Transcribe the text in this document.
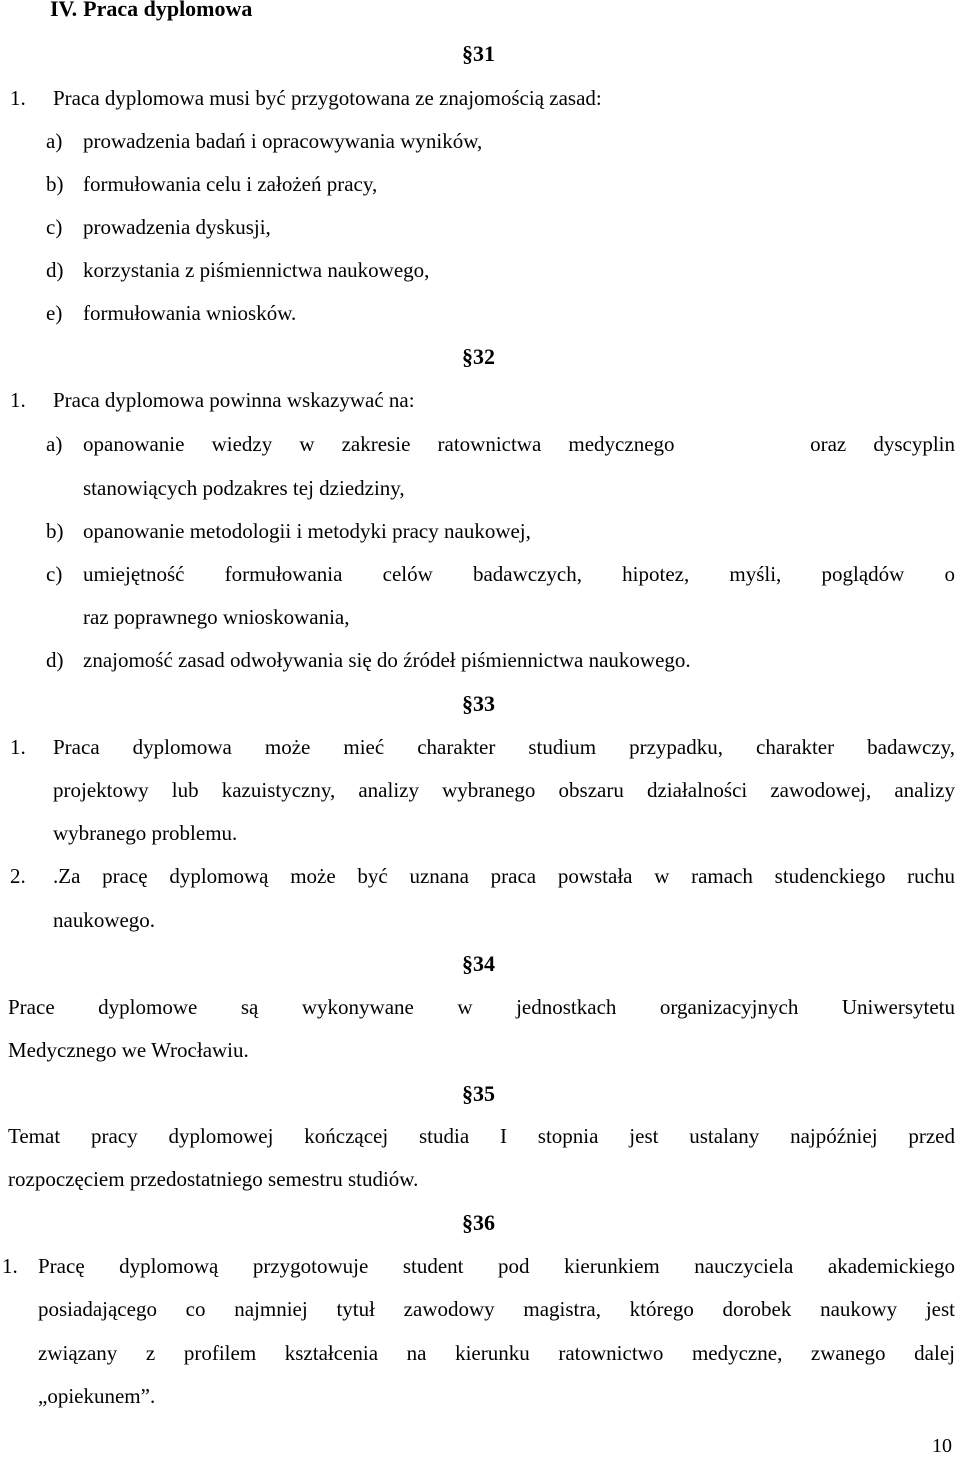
IV. Praca dyplomowa
§31
1. Praca dyplomowa musi być przygotowana ze znajomością zasad:
a) prowadzenia badań i opracowywania wyników,
b) formułowania celu i założeń pracy,
c) prowadzenia dyskusji,
d) korzystania z piśmiennictwa naukowego,
e) formułowania wniosków.
§32
1. Praca dyplomowa powinna wskazywać na:
a) opanowanie wiedzy w zakresie ratownictwa medycznego     oraz dyscyplin
stanowiących podzakres tej dziedziny,
b) opanowanie metodologii i metodyki pracy naukowej,
c) umiejętność formułowania celów badawczych, hipotez, myśli, poglądów o
raz poprawnego wnioskowania,
d) znajomość zasad odwoływania się do źródeł piśmiennictwa naukowego.
§33
1. Praca dyplomowa może mieć charakter studium przypadku, charakter badawczy,
projektowy lub kazuistyczny, analizy wybranego obszaru działalności zawodowej, analizy
wybranego problemu.
2. .Za pracę dyplomową może być uznana praca powstała w ramach studenckiego ruchu
naukowego.
§34
Prace dyplomowe są wykonywane w jednostkach organizacyjnych Uniwersytetu
Medycznego we Wrocławiu.
§35
Temat pracy dyplomowej kończącej studia I stopnia jest ustalany najpóźniej przed
rozpoczęciem przedostatniego semestru studiów.
§36
1. Pracę dyplomową przygotowuje student pod kierunkiem nauczyciela akademickiego
posiadającego co najmniej tytuł zawodowy magistra, którego dorobek naukowy jest
związany z profilem kształcenia na kierunku ratownictwo medyczne, zwanego dalej
„opiekunem”.
10
